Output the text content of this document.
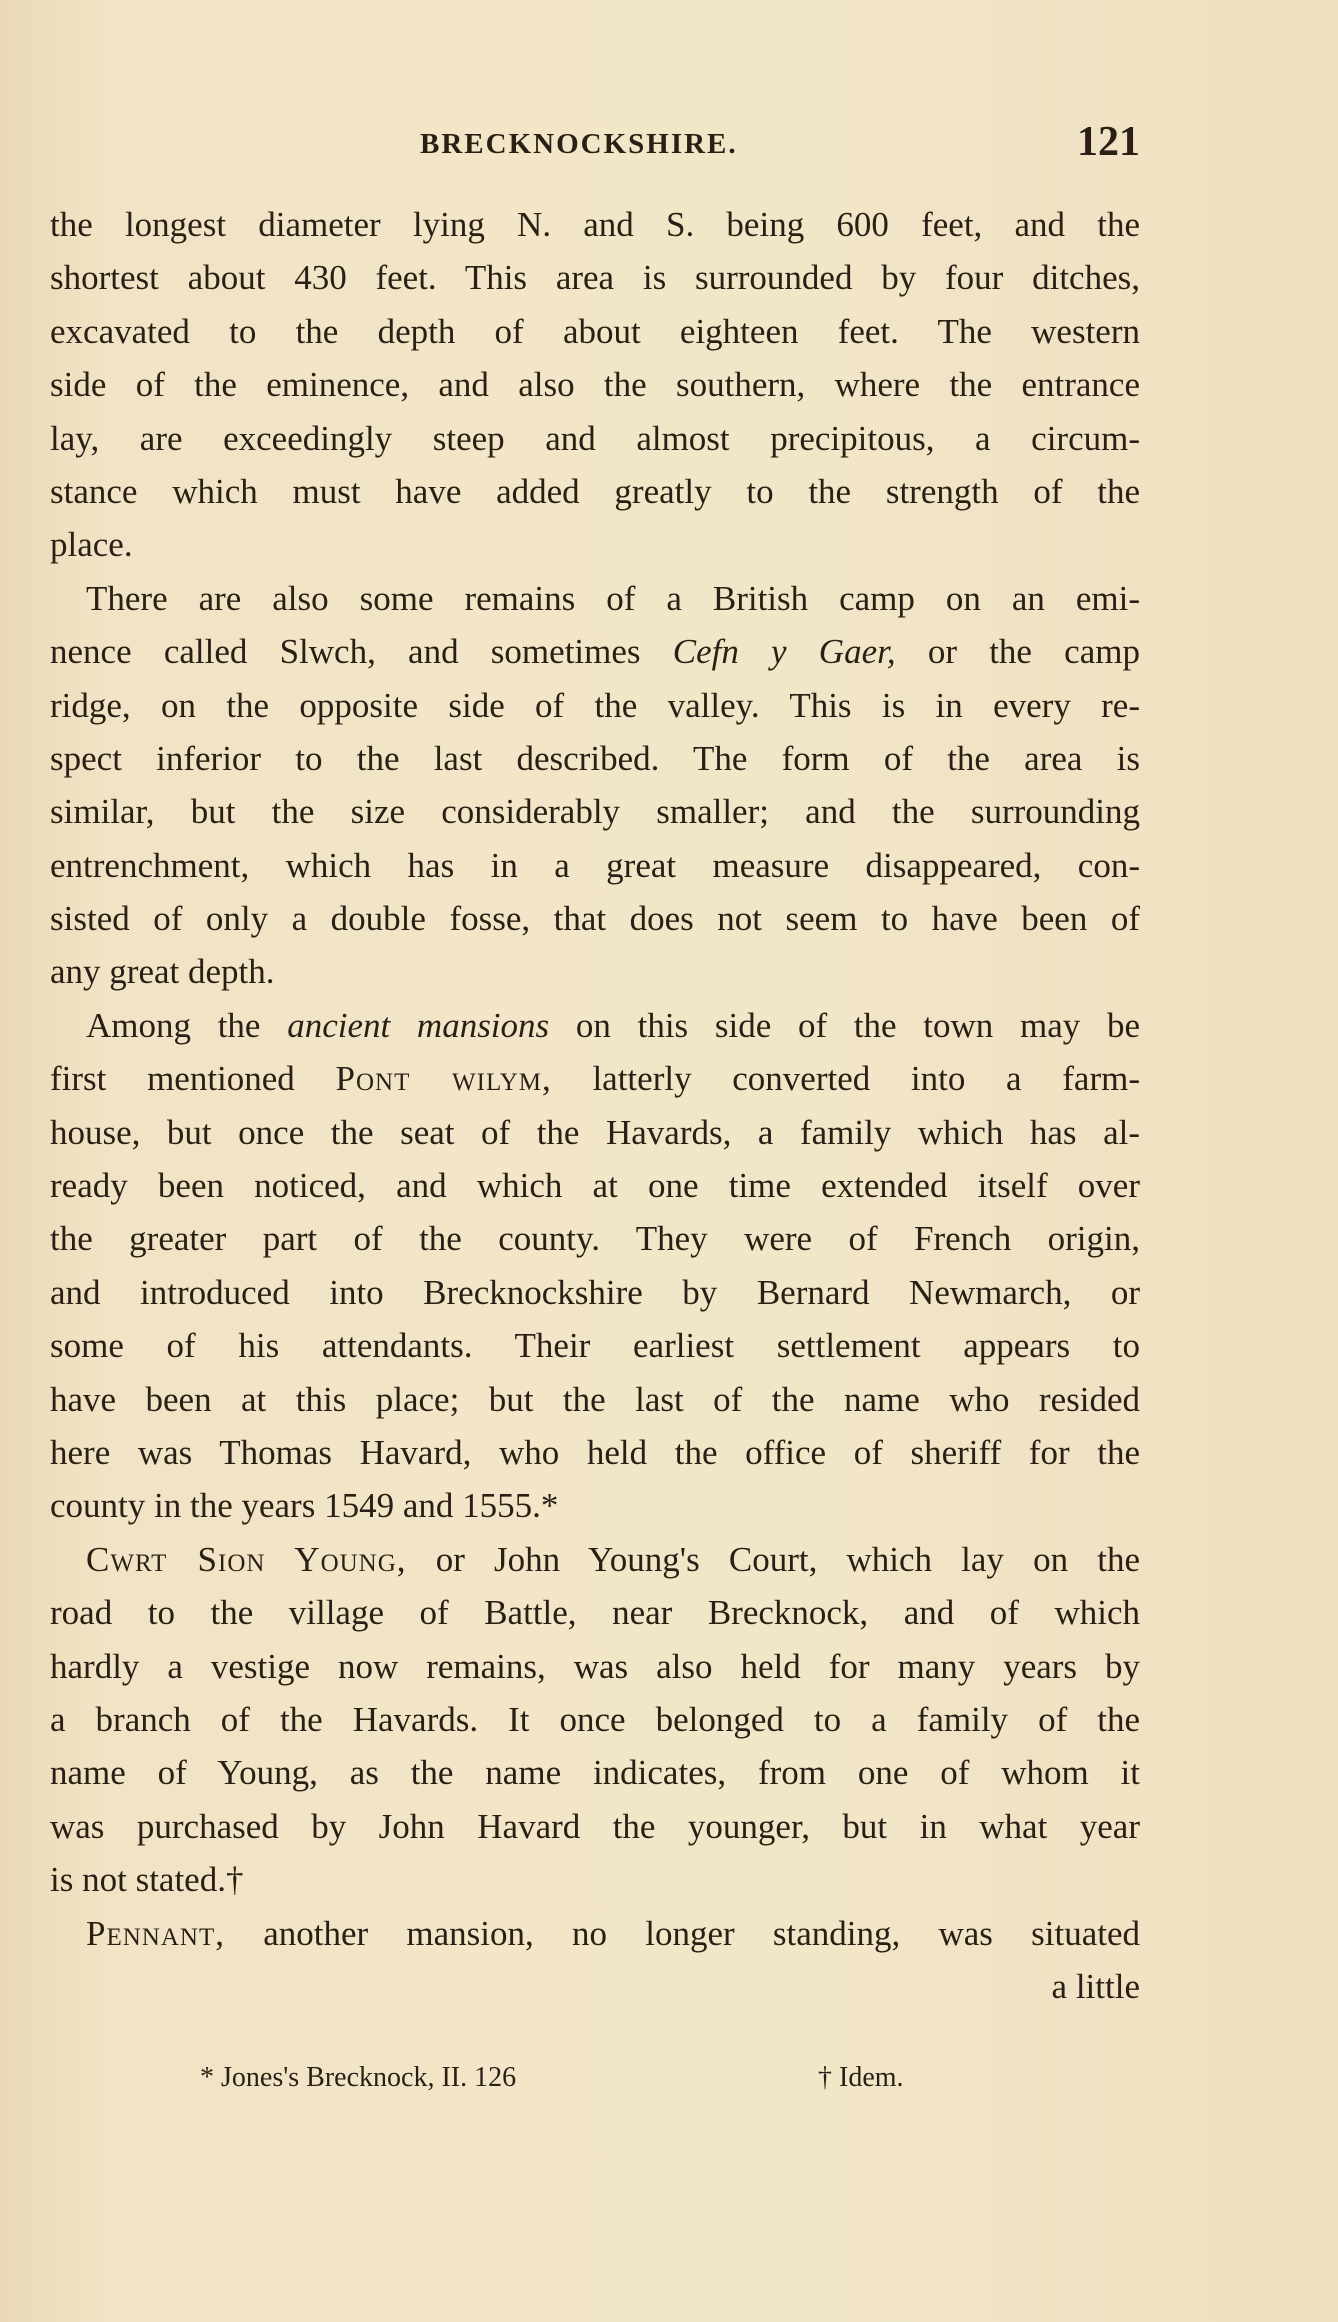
BRECKNOCKSHIRE.	121
the longest diameter lying N. and S. being 600 feet, and the
shortest about 430 feet. This area is surrounded by four ditches,
excavated to the depth of about eighteen feet. The western
side of the eminence, and also the southern, where the entrance
lay, are exceedingly steep and almost precipitous, a circum-
stance which must have added greatly to the strength of the
place.
There are also some remains of a British camp on an emi-
nence called Slwch, and sometimes Cefn y Gaer, or the camp
ridge, on the opposite side of the valley. This is in every re-
spect inferior to the last described. The form of the area is
similar, but the size considerably smaller; and the surrounding
entrenchment, which has in a great measure disappeared, con-
sisted of only a double fosse, that does not seem to have been of
any great depth.
Among the ancient mansions on this side of the town may be
first mentioned Pont wilym, latterly converted into a farm-
house, but once the seat of the Havards, a family which has al-
ready been noticed, and which at one time extended itself over
the greater part of the county. They were of French origin,
and introduced into Brecknockshire by Bernard Newmarch, or
some of his attendants. Their earliest settlement appears to
have been at this place; but the last of the name who resided
here was Thomas Havard, who held the office of sheriff for the
county in the years 1549 and 1555.*
Cwrt Sion Young, or John Young's Court, which lay on the
road to the village of Battle, near Brecknock, and of which
hardly a vestige now remains, was also held for many years by
a branch of the Havards. It once belonged to a family of the
name of Young, as the name indicates, from one of whom it
was purchased by John Havard the younger, but in what year
is not stated.†
Pennant, another mansion, no longer standing, was situated
a little
* Jones's Brecknock, II. 126	† Idem.
